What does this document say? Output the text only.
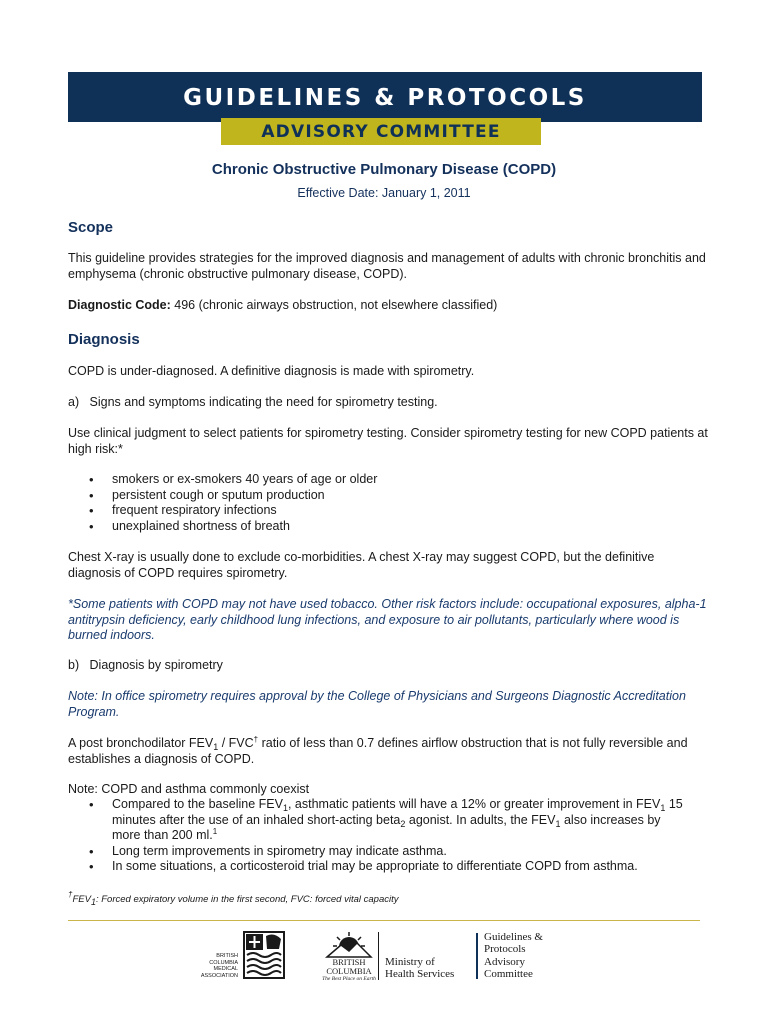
GUIDELINES & PROTOCOLS
ADVISORY COMMITTEE
Chronic Obstructive Pulmonary Disease (COPD)
Effective Date: January 1, 2011
Scope
This guideline provides strategies for the improved diagnosis and management of adults with chronic bronchitis and emphysema (chronic obstructive pulmonary disease, COPD).
Diagnostic Code: 496 (chronic airways obstruction, not elsewhere classified)
Diagnosis
COPD is under-diagnosed. A definitive diagnosis is made with spirometry.
a)   Signs and symptoms indicating the need for spirometry testing.
Use clinical judgment to select patients for spirometry testing. Consider spirometry testing for new COPD patients at high risk:*
• smokers or ex-smokers 40 years of age or older
• persistent cough or sputum production
• frequent respiratory infections
• unexplained shortness of breath
Chest X-ray is usually done to exclude co-morbidities. A chest X-ray may suggest COPD, but the definitive diagnosis of COPD requires spirometry.
*Some patients with COPD may not have used tobacco. Other risk factors include: occupational exposures, alpha-1 antitrypsin deficiency, early childhood lung infections, and exposure to air pollutants, particularly where wood is burned indoors.
b)   Diagnosis by spirometry
Note: In office spirometry requires approval by the College of Physicians and Surgeons Diagnostic Accreditation Program.
A post bronchodilator $FEV_1 / FVC^\dagger$ ratio of less than 0.7 defines airflow obstruction that is not fully reversible and establishes a diagnosis of COPD.
Note: COPD and asthma commonly coexist
• Compared to the baseline $FEV_1$, asthmatic patients will have a 12% or greater improvement in $FEV_1$ 15 minutes after the use of an inhaled short-acting beta$_2$ agonist. In adults, the $FEV_1$ also increases by more than 200 ml.$^1$
• Long term improvements in spirometry may indicate asthma.
• In some situations, a corticosteroid trial may be appropriate to differentiate COPD from asthma.
†FEV1: Forced expiratory volume in the first second, FVC: forced vital capacity
BRITISH
COLUMBIA
MEDICAL
ASSOCIATION
BRITISH
COLUMBIA
The Best Place on Earth
Ministry of
Health Services
Guidelines &
Protocols
Advisory
Committee
